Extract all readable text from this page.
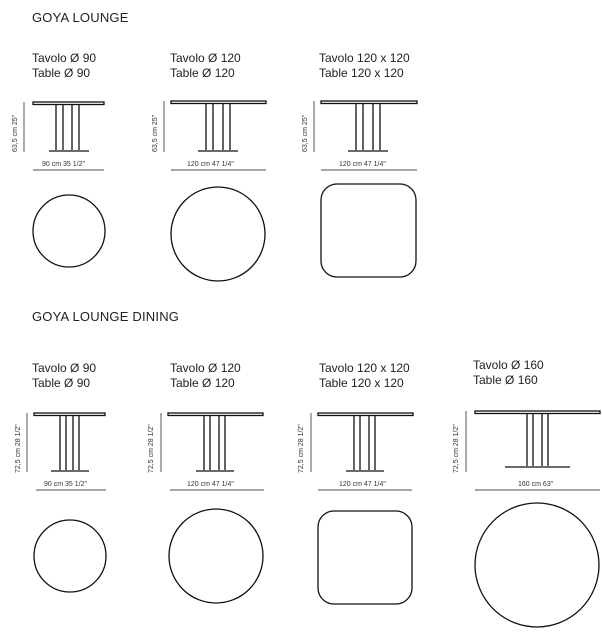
GOYA LOUNGE
Tavolo Ø 90
Table Ø 90
63,5 cm 25"
90 cm 35 1/2"
Tavolo Ø 120
Table Ø 120
63,5 cm 25"
120 cm 47 1/4"
Tavolo 120 x 120
Table 120 x 120
63,5 cm 25"
120 cm 47 1/4"
GOYA LOUNGE DINING
Tavolo Ø 90
Table Ø 90
72,5 cm 28 1/2"
90 cm 35 1/2"
Tavolo Ø 120
Table Ø 120
72,5 cm 28 1/2"
120 cm 47 1/4"
Tavolo 120 x 120
Table 120 x 120
72,5 cm 28 1/2"
120 cm 47 1/4"
Tavolo Ø 160
Table Ø 160
72,5 cm 28 1/2"
160 cm 63"
